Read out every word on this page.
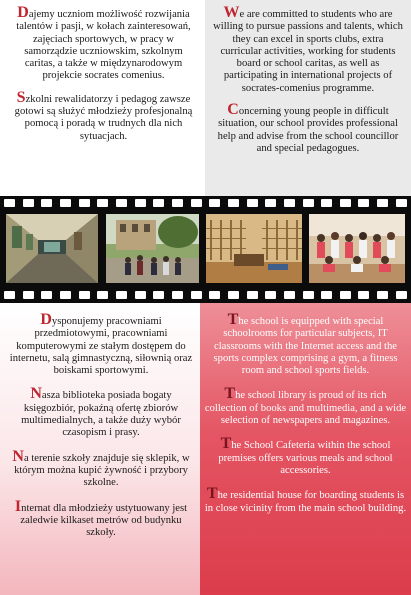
Dajemy uczniom możliwość rozwijania talentów i pasji, w kołach zainteresowań, zajęciach sportowych, w pracy w samorządzie uczniowskim, szkolnym caritas, a także w międzynarodowym projekcie socrates comenius.

Szkolni rewalidatorzy i pedagog zawsze gotowi są służyć młodzieży profesjonalną pomocą i poradą w trudnych dla nich sytuacjach.

We are committed to students who are willing to pursue passions and talents, which they can excel in sports clubs, extra curricular activities, working for students board or school caritas, as well as participating in international projects of socrates-comenius programme.

Concerning young people in difficult situation, our school provides professional help and advise from the school councillor and special pedagogues.

Dysponujemy pracowniami przedmiotowymi, pracowniami komputerowymi ze stałym dostępem do internetu, salą gimnastyczną, siłownią oraz boiskami sportowymi.

Nasza biblioteka posiada bogaty księgozbiór, pokaźną ofertę zbiorów multimedialnych, a także duży wybór czasopism i prasy.

Na terenie szkoły znajduje się sklepik, w którym można kupić żywność i przybory szkolne.

Internat dla młodzieży ustytuowany jest zaledwie kilkaset metrów od budynku szkoły.

The school is equipped with special schoolrooms for particular subjects, IT classrooms with the Internet access and the sports complex comprising a gym, a fitness room and school sports fields.

The school library is proud of its rich collection of books and multimedia, and a wide selection of newspapers and magazines.

The School Cafeteria within the school premises offers various meals and school accessories.

The residential house for boarding students is in close vicinity from the main school building.
